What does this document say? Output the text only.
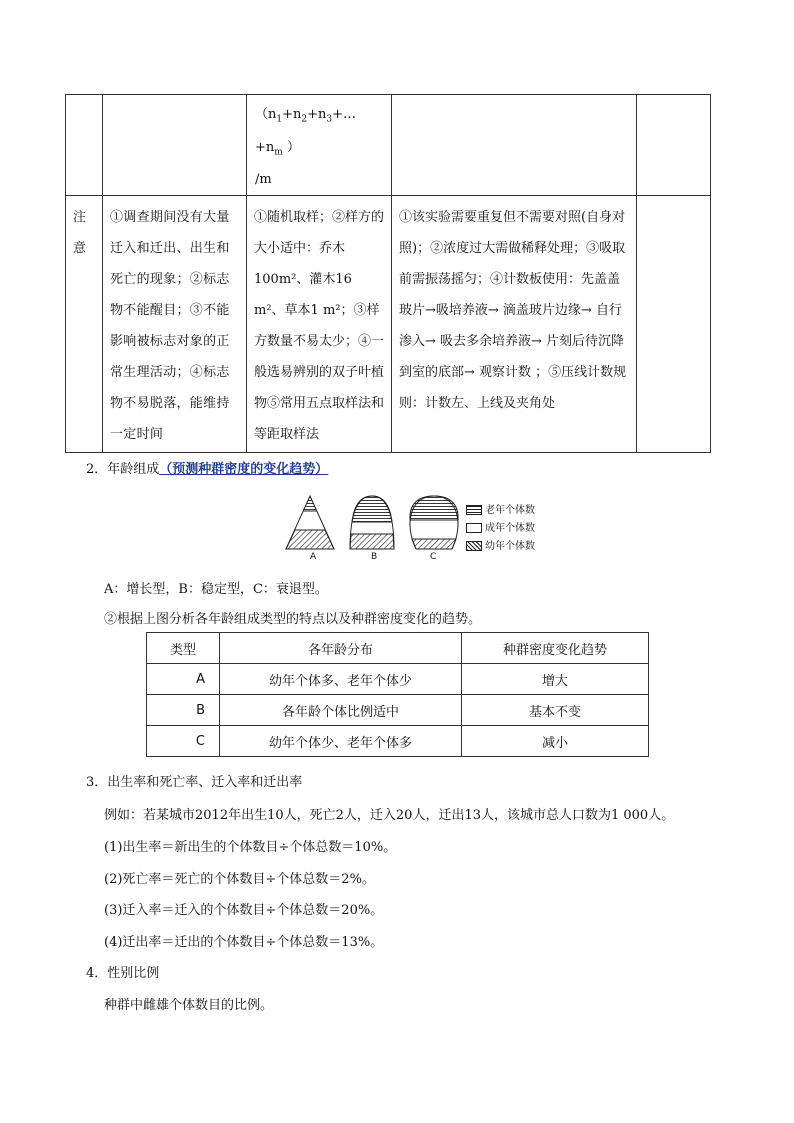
		（$n_1+n_2+n_3+\dots+n_m$ ）
/m		

注
意	①调查期间没有大量迁入和迁出、出生和死亡的现象；②标志物不能醒目；③不能影响被标志对象的正常生理活动；④标志物不易脱落，能维持一定时间	①随机取样；②样方的大小适中：乔木100m²、灌木16 m²、草本1 m²；③样方数量不易太少；④一般选易辨别的双子叶植物⑤常用五点取样法和等距取样法	①该实验需要重复但不需要对照(自身对照)；②浓度过大需做稀释处理；③吸取前需振荡摇匀；④计数板使用：先盖盖玻片→吸培养液→ 滴盖玻片边缘→ 自行渗入→ 吸去多余培养液→ 片刻后待沉降到室的底部→ 观察计数 ；⑤压线计数规则：计数左、上线及夹角处	

2．年龄组成（预测种群密度的变化趋势）
A	B	C
老年个体数
成年个体数
幼年个体数
A：增长型，B：稳定型，C：衰退型。
②根据上图分析各年龄组成类型的特点以及种群密度变化的趋势。
类型	各年龄分布	种群密度变化趋势
A	幼年个体多、老年个体少	增大
B	各年龄个体比例适中	基本不变
C	幼年个体少、老年个体多	减小
3．出生率和死亡率、迁入率和迁出率
例如：若某城市2012年出生10人，死亡2人，迁入20人，迁出13人，该城市总人口数为1 000人。
(1)出生率＝新出生的个体数目÷个体总数＝10%。
(2)死亡率＝死亡的个体数目÷个体总数＝2%。
(3)迁入率＝迁入的个体数目÷个体总数＝20%。
(4)迁出率＝迁出的个体数目÷个体总数＝13%。
4．性别比例
种群中雌雄个体数目的比例。
